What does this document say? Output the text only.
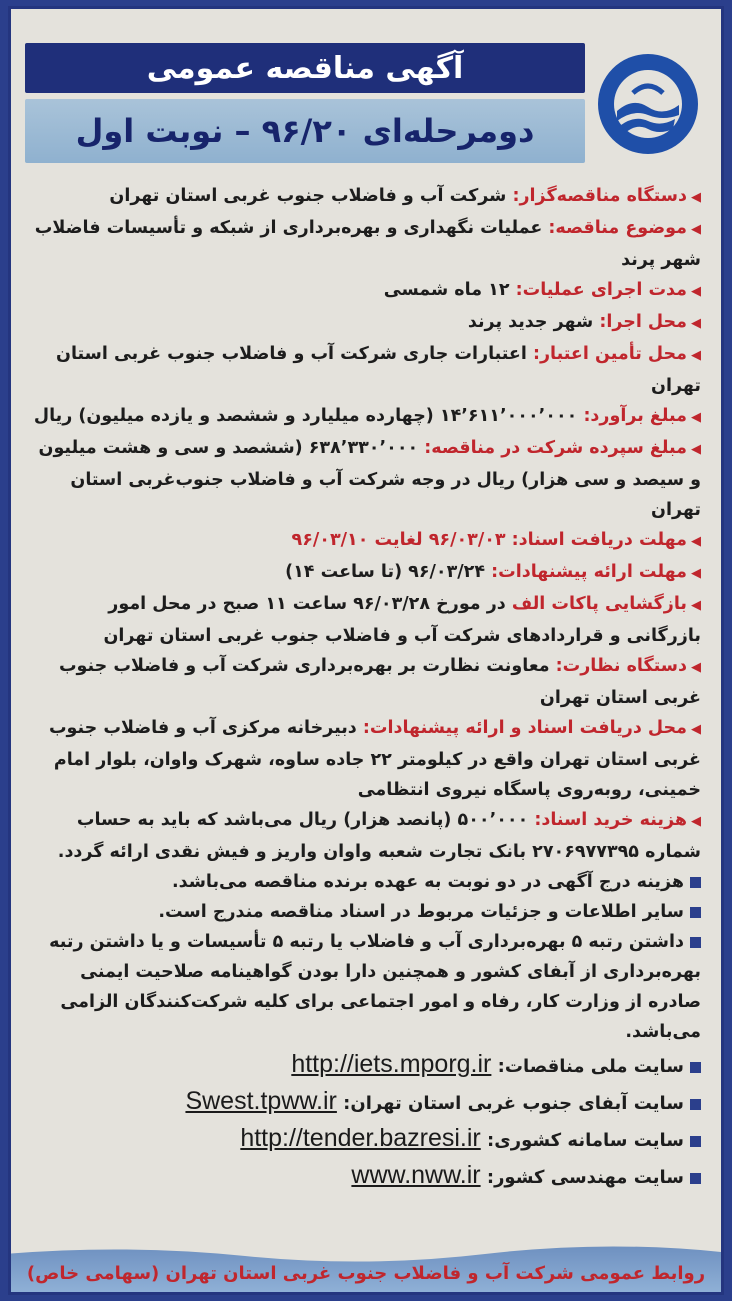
آگهی مناقصه عمومی
دومرحله‌ای ۹۶/۲۰ – نوبت اول

◀دستگاه مناقصه‌گزار: شرکت آب و فاضلاب جنوب غربی استان تهران

◀موضوع مناقصه: عملیات نگهداری و بهره‌برداری از شبکه و تأسیسات فاضلاب شهر پرند

◀مدت اجرای عملیات: ۱۲ ماه شمسی

◀محل اجرا: شهر جدید پرند

◀محل تأمین اعتبار: اعتبارات جاری شرکت آب و فاضلاب جنوب غربی استان تهران

◀مبلغ برآورد: ۱۴٬۶۱۱٬۰۰۰٬۰۰۰ (چهارده میلیارد و ششصد و یازده میلیون) ریال

◀مبلغ سپرده شرکت در مناقصه: ۶۳۸٬۳۳۰٬۰۰۰ (ششصد و سی و هشت میلیون و سیصد و سی هزار) ریال در وجه شرکت آب و فاضلاب جنوب‌غربی استان تهران

◀مهلت دریافت اسناد: ۹۶/۰۳/۰۳ لغایت ۹۶/۰۳/۱۰

◀مهلت ارائه پیشنهادات: ۹۶/۰۳/۲۴ (تا ساعت ۱۴)

◀بازگشایی پاکات الف در مورخ ۹۶/۰۳/۲۸ ساعت ۱۱ صبح در محل امور بازرگانی و قراردادهای شرکت آب و فاضلاب جنوب غربی استان تهران

◀دستگاه نظارت: معاونت نظارت بر بهره‌برداری شرکت آب و فاضلاب جنوب غربی استان تهران

◀محل دریافت اسناد و ارائه پیشنهادات: دبیرخانه مرکزی آب و فاضلاب جنوب غربی استان تهران واقع در کیلومتر ۲۲ جاده ساوه، شهرک واوان، بلوار امام خمینی، روبه‌روی پاسگاه نیروی انتظامی

◀هزینه خرید اسناد: ۵۰۰٬۰۰۰ (پانصد هزار) ریال می‌باشد که باید به حساب شماره ۲۷۰۶۹۷۷۳۹۵ بانک تجارت شعبه واوان واریز و فیش نقدی ارائه گردد.

هزینه درج آگهی در دو نوبت به عهده برنده مناقصه می‌باشد.

سایر اطلاعات و جزئیات مربوط در اسناد مناقصه مندرج است.

داشتن رتبه ۵ بهره‌برداری آب و فاضلاب یا رتبه ۵ تأسیسات و یا داشتن رتبه بهره‌برداری از آبفای کشور و همچنین دارا بودن گواهینامه صلاحیت ایمنی صادره از وزارت کار، رفاه و امور اجتماعی برای کلیه شرکت‌کنندگان الزامی می‌باشد.

سایت ملی مناقصات: http://iets.mporg.ir

سایت آبفای جنوب غربی استان تهران: Swest.tpww.ir

سایت سامانه کشوری: http://tender.bazresi.ir

سایت مهندسی کشور: www.nww.ir

روابط عمومی شرکت آب و فاضلاب جنوب غربی استان تهران (سهامی خاص)
